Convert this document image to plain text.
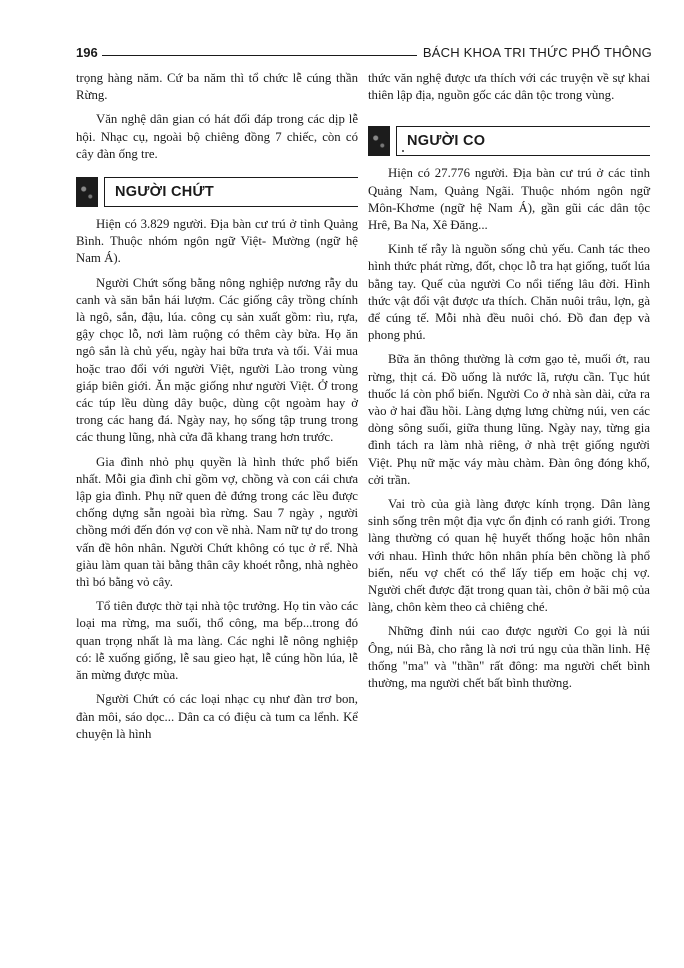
196	BÁCH KHOA TRI THỨC PHỔ THÔNG

trọng hàng năm. Cứ ba năm thì tổ chức lễ cúng thần Rừng.

Văn nghệ dân gian có hát đối đáp trong các dịp lễ hội. Nhạc cụ, ngoài bộ chiêng đồng 7 chiếc, còn có cây đàn ống tre.

NGƯỜI CHỨT

Hiện có 3.829 người. Địa bàn cư trú ở tỉnh Quảng Bình. Thuộc nhóm ngôn ngữ Việt- Mường (ngữ hệ Nam Á).

Người Chứt sống bằng nông nghiệp nương rẫy du canh và săn bắn hái lượm. Các giống cây trồng chính là ngô, sắn, đậu, lúa. công cụ sản xuất gồm: rìu, rựa, gậy chọc lỗ, nơi làm ruộng có thêm cày bừa. Họ ăn ngô sắn là chủ yếu, ngày hai bữa trưa và tối. Vải mua hoặc trao đổi với người Việt, người Lào trong vùng giáp biên giới. Ăn mặc giống như người Việt. Ở trong các túp lều dùng dây buộc, dùng cột ngoàm hay ở trong các hang đá. Ngày nay, họ sống tập trung trong các thung lũng, nhà cửa đã khang trang hơn trước.

Gia đình nhỏ phụ quyền là hình thức phổ biến nhất. Mỗi gia đình chỉ gồm vợ, chồng và con cái chưa lập gia đình. Phụ nữ quen đẻ đứng trong các lều được chống dựng sẵn ngoài bìa rừng. Sau 7 ngày , người chồng mới đến đón vợ con về nhà. Nam nữ tự do trong vấn đề hôn nhân. Người Chứt không có tục ở rể. Nhà giàu làm quan tài bằng thân cây khoét rỗng, nhà nghèo thì bó bằng vỏ cây.

Tổ tiên được thờ tại nhà tộc trưởng. Họ tin vào các loại ma rừng, ma suối, thổ công, ma bếp...trong đó quan trọng nhất là ma làng. Các nghi lễ nông nghiệp có: lễ xuống giống, lễ sau gieo hạt, lễ cúng hồn lúa, lễ ăn mừng được mùa.

Người Chứt có các loại nhạc cụ như đàn trơ bon, đàn môi, sáo dọc... Dân ca có điệu cà tum ca lểnh. Kể chuyện là hình

thức văn nghệ được ưa thích với các truyện về sự khai thiên lập địa, nguồn gốc các dân tộc trong vùng.

NGƯỜI CO

Hiện có 27.776 người. Địa bàn cư trú ở các tỉnh Quảng Nam, Quảng Ngãi. Thuộc nhóm ngôn ngữ Môn-Khơme (ngữ hệ Nam Á), gần gũi các dân tộc Hrê, Ba Na, Xê Đăng...

Kinh tế rẫy là nguồn sống chủ yếu. Canh tác theo hình thức phát rừng, đốt, chọc lỗ tra hạt giống, tuốt lúa bằng tay. Quế của người Co nổi tiếng lâu đời. Hình thức vật đổi vật được ưa thích. Chăn nuôi trâu, lợn, gà để cúng tế. Mỗi nhà đều nuôi chó. Đồ đan đẹp và phong phú.

Bữa ăn thông thường là cơm gạo tẻ, muối ớt, rau rừng, thịt cá. Đồ uống là nước lã, rượu cần. Tục hút thuốc lá còn phổ biến. Người Co ở nhà sàn dài, cửa ra vào ở hai đầu hồi. Làng dựng lưng chừng núi, ven các dòng sông suối, giữa thung lũng. Ngày nay, từng gia đình tách ra làm nhà riêng, ở nhà trệt giống người Việt. Phụ nữ mặc váy màu chàm. Đàn ông đóng khố, cởi trần.

Vai trò của già làng được kính trọng. Dân làng sinh sống trên một địa vực ổn định có ranh giới. Trong làng thường có quan hệ huyết thống hoặc hôn nhân với nhau. Hình thức hôn nhân phía bên chồng là phổ biến, nếu vợ chết có thể lấy tiếp em hoặc chị vợ. Người chết được đặt trong quan tài, chôn ở bãi mộ của làng, chôn kèm theo cả chiêng ché.

Những đỉnh núi cao được người Co gọi là núi Ông, núi Bà, cho rằng là nơi trú ngụ của thần linh. Hệ thống "ma" và "thần" rất đông: ma người chết bình thường, ma người chết bất bình thường.
